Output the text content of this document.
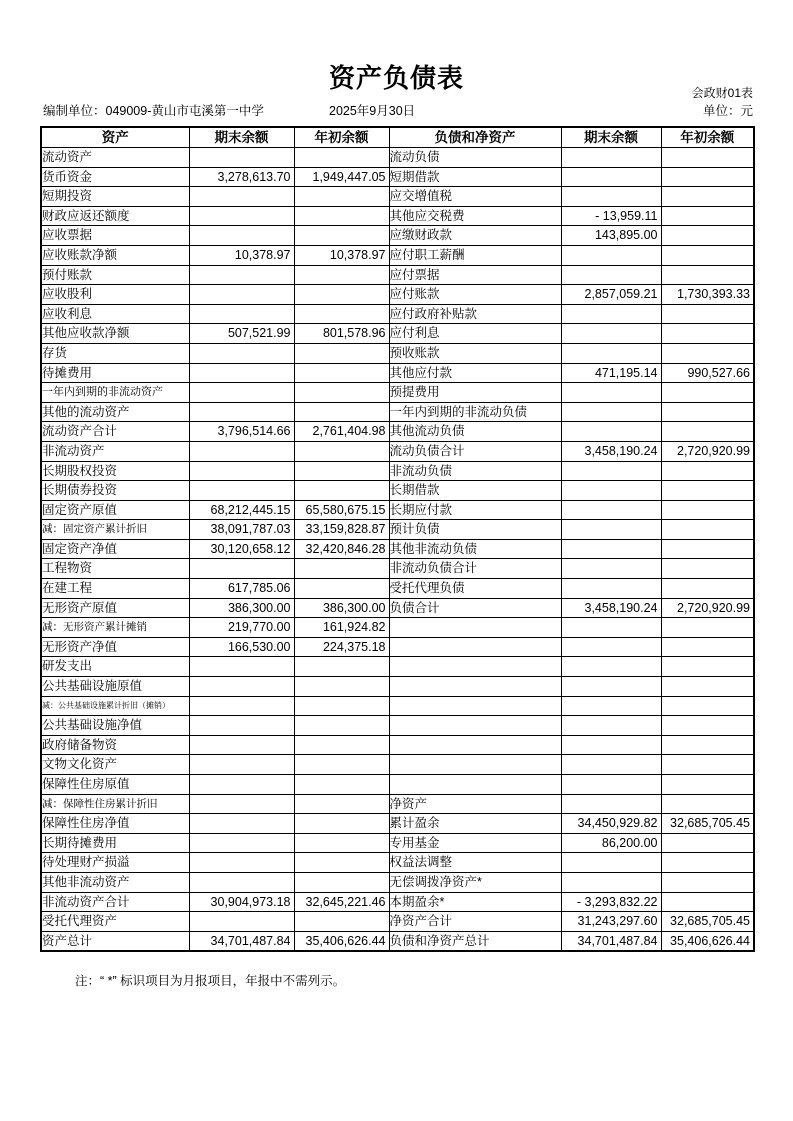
资产负债表	会政财01表
编制单位：049009-黄山市屯溪第一中学	2025年9月30日	单位：元
资产	期末余额	年初余额	负债和净资产	期末余额	年初余额
流动资产			流动负债		
货币资金	3,278,613.70	1,949,447.05	短期借款		
短期投资			应交增值税		
财政应返还额度			其他应交税费	- 13,959.11	
应收票据			应缴财政款	143,895.00	
应收账款净额	10,378.97	10,378.97	应付职工薪酬		
预付账款			应付票据		
应收股利			应付账款	2,857,059.21	1,730,393.33
应收利息			应付政府补贴款		
其他应收款净额	507,521.99	801,578.96	应付利息		
存货			预收账款		
待摊费用			其他应付款	471,195.14	990,527.66
一年内到期的非流动资产			预提费用		
其他的流动资产			一年内到期的非流动负债		
流动资产合计	3,796,514.66	2,761,404.98	其他流动负债		
非流动资产			流动负债合计	3,458,190.24	2,720,920.99
长期股权投资			非流动负债		
长期债券投资			长期借款		
固定资产原值	68,212,445.15	65,580,675.15	长期应付款		
减：固定资产累计折旧	38,091,787.03	33,159,828.87	预计负债		
固定资产净值	30,120,658.12	32,420,846.28	其他非流动负债		
工程物资			非流动负债合计		
在建工程	617,785.06		受托代理负债		
无形资产原值	386,300.00	386,300.00	负债合计	3,458,190.24	2,720,920.99
减：无形资产累计摊销	219,770.00	161,924.82			
无形资产净值	166,530.00	224,375.18			
研发支出					
公共基础设施原值					
减：公共基础设施累计折旧（摊销）					
公共基础设施净值					
政府储备物资					
文物文化资产					
保障性住房原值					
减：保障性住房累计折旧			净资产		
保障性住房净值			累计盈余	34,450,929.82	32,685,705.45
长期待摊费用			专用基金	86,200.00	
待处理财产损溢			权益法调整		
其他非流动资产			无偿调拨净资产*		
非流动资产合计	30,904,973.18	32,645,221.46	本期盈余*	- 3,293,832.22	
受托代理资产			净资产合计	31,243,297.60	32,685,705.45
资产总计	34,701,487.84	35,406,626.44	负债和净资产总计	34,701,487.84	35,406,626.44
注：“ *” 标识项目为月报项目，年报中不需列示。
